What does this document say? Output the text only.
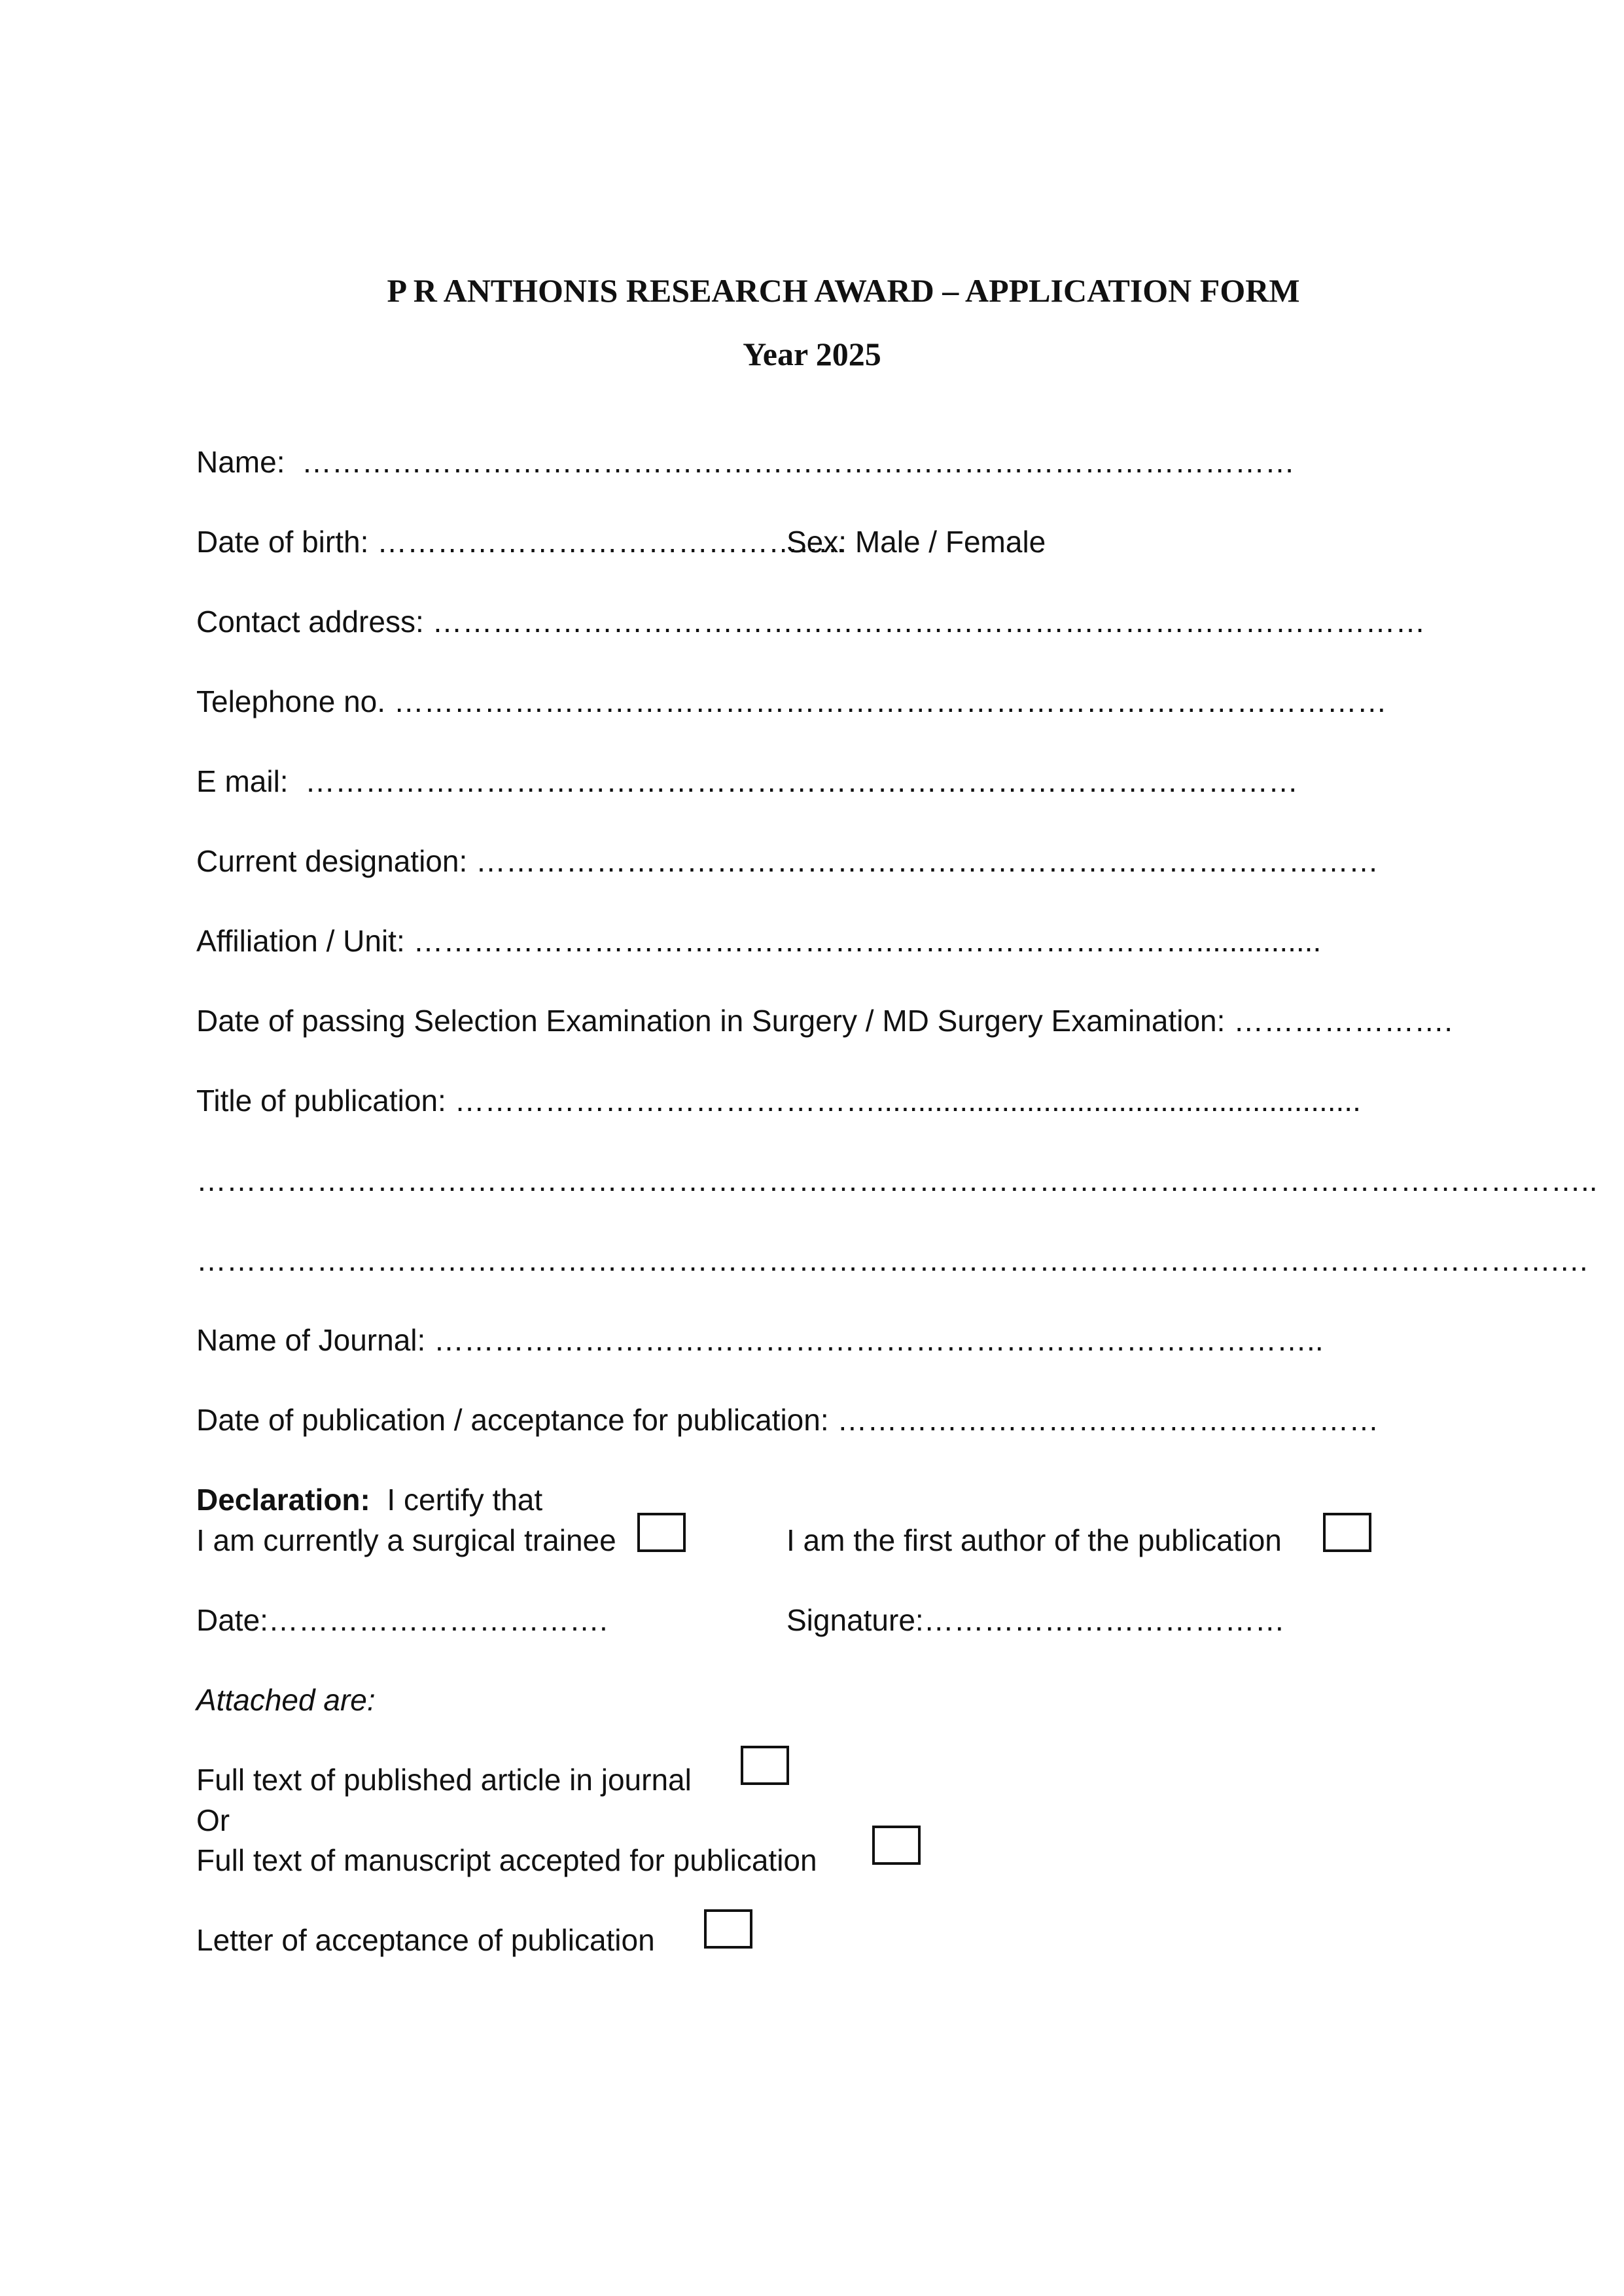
P R ANTHONIS RESEARCH AWARD – APPLICATION FORM
Year 2025

Name:  ………………………………………………………………………………………

Date of birth: ………………………………………..

Sex: Male / Female

Contact address: ………………………………………………………………………………………

Telephone no. ………………………………………………………………………………………

E mail:  ………………………………………………………………………………………

Current designation: ………………………………………………………………………………

Affiliation / Unit: ……………………………………………………………………...............

Date of passing Selection Examination in Surgery / MD Surgery Examination: ………………….

Title of publication: ……………………………………..........................................................

…………………………………………………………………………………………………………………………..

……………………………………………………………………………………………………………………….…

Name of Journal: ……………………………………………………………………………..

Date of publication / acceptance for publication: ………………………………………………

Declaration:  I certify that

I am currently a surgical trainee	I am the first author of the publication

Date:…………………………….	Signature:………………………………

Attached are:

Full text of published article in journal

Or

Full text of manuscript accepted for publication

Letter of acceptance of publication
